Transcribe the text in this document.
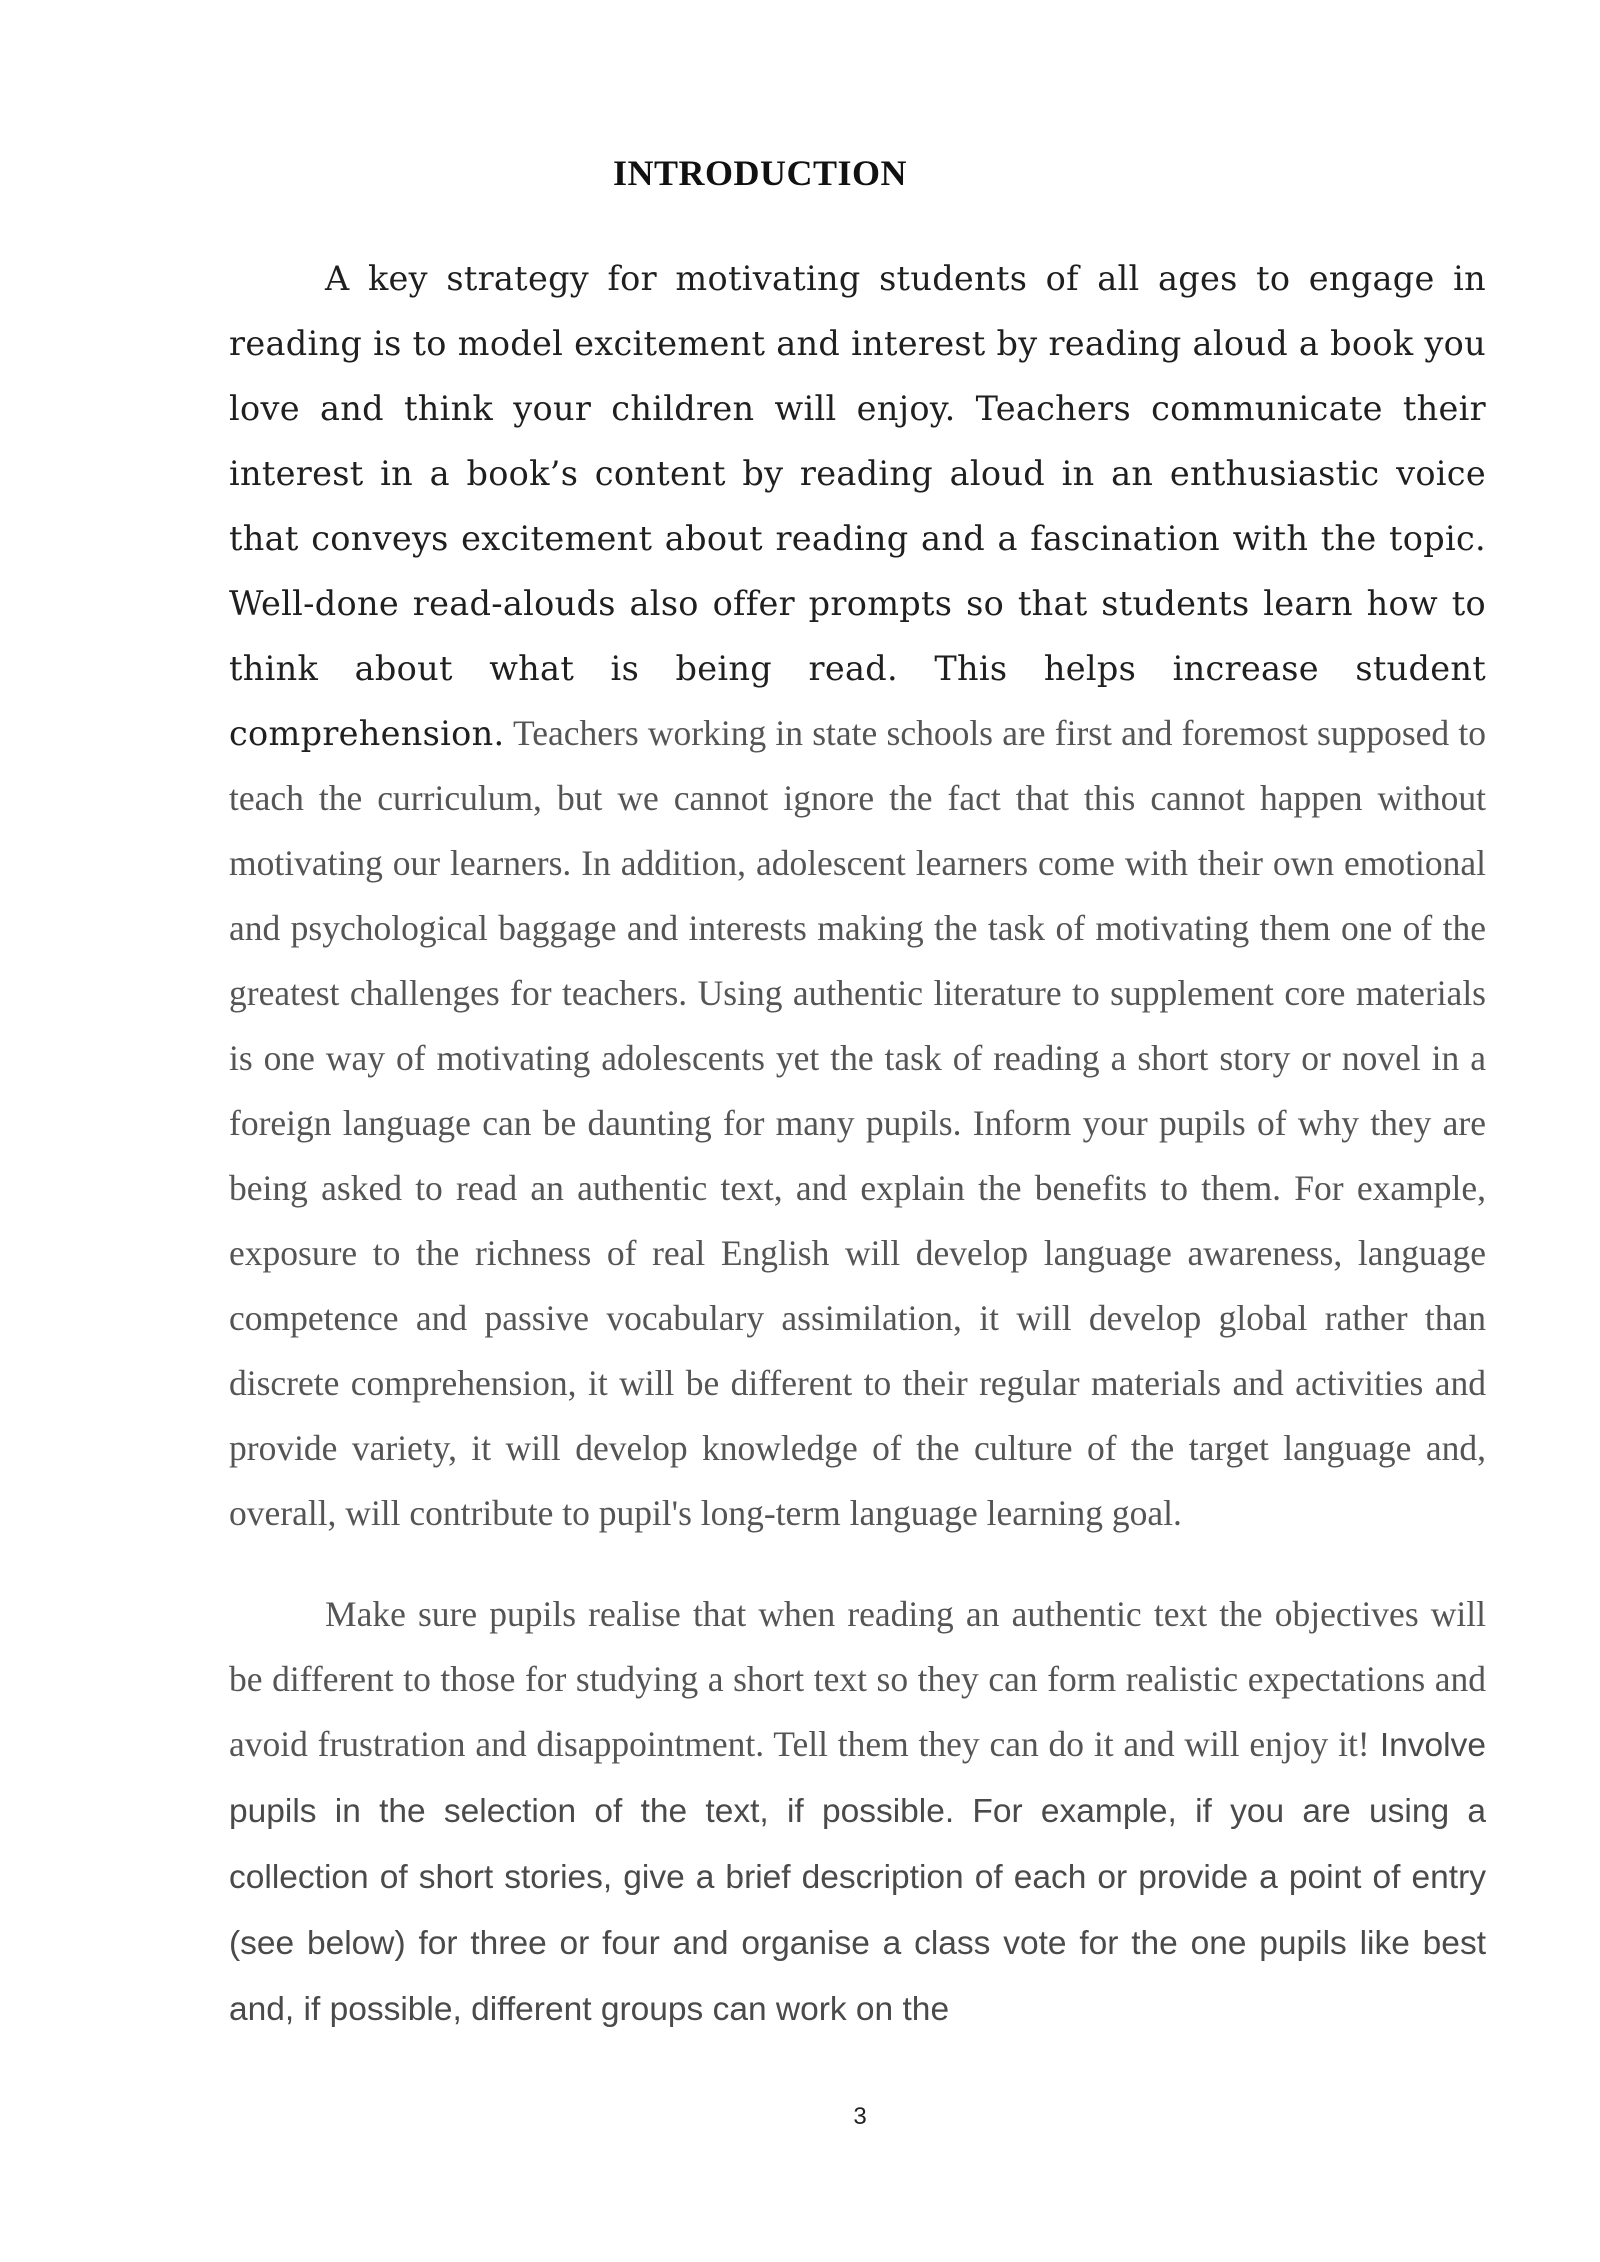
INTRODUCTION

A key strategy for motivating students of all ages to engage in reading is to model excitement and interest by reading aloud a book you love and think your children will enjoy. Teachers communicate their interest in a book’s content by reading aloud in an enthusiastic voice that conveys excitement about reading and a fascination with the topic. Well-done read-alouds also offer prompts so that students learn how to think about what is being read. This helps increase student comprehension. Teachers working in state schools are first and foremost supposed to teach the curriculum, but we cannot ignore the fact that this cannot happen without motivating our learners. In addition, adolescent learners come with their own emotional and psychological baggage and interests making the task of motivating them one of the greatest challenges for teachers. Using authentic literature to supplement core materials is one way of motivating adolescents yet the task of reading a short story or novel in a foreign language can be daunting for many pupils. Inform your pupils of why they are being asked to read an authentic text, and explain the benefits to them. For example, exposure to the richness of real English will develop language awareness, language competence and passive vocabulary assimilation, it will develop global rather than discrete comprehension, it will be different to their regular materials and activities and provide variety, it will develop knowledge of the culture of the target language and, overall, will contribute to pupil's long-term language learning goal.

Make sure pupils realise that when reading an authentic text the objectives will be different to those for studying a short text so they can form realistic expectations and avoid frustration and disappointment. Tell them they can do it and will enjoy it! Involve pupils in the selection of the text, if possible. For example, if you are using a collection of short stories, give a brief description of each or provide a point of entry (see below) for three or four and organise a class vote for the one pupils like best and, if possible, different groups can work on the

3
